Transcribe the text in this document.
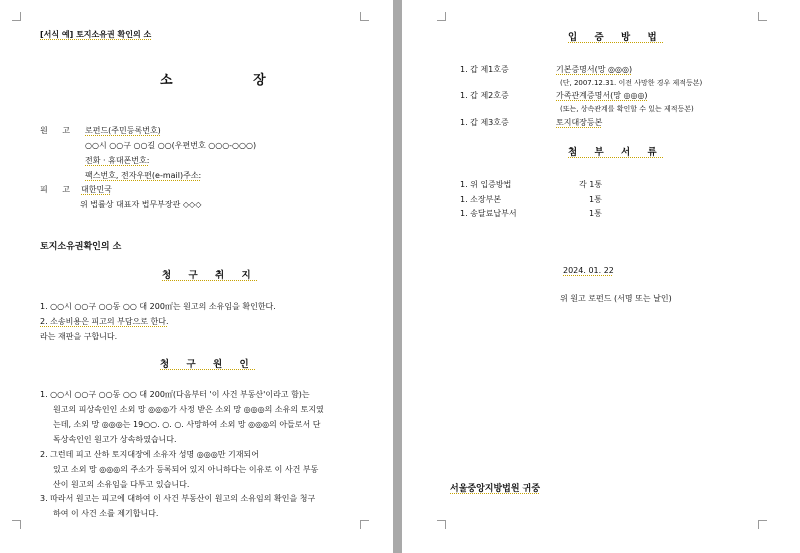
[서식 예] 토지소유권 확인의 소
소 장
원 고 로펀드(주민등록번호)
○○시 ○○구 ○○길 ○○(우편번호 ○○○-○○○)
전화 · 휴대폰번호:
팩스번호, 전자우편(e-mail)주소:
피 고 대한민국
위 법률상 대표자 법무부장관 ◇◇◇
토지소유권확인의 소
청 구 취 지
1. ○○시 ○○구 ○○동 ○○ 대 200㎡는 원고의 소유임을 확인한다.
2. 소송비용은 피고의 부담으로 한다.
라는 재판을 구합니다.
청 구 원 인
1. ○○시 ○○구 ○○동 ○○ 대 200㎡(다음부터 '이 사건 부동산'이라고 함)는
원고의 피상속인인 소외 망 ◎◎◎가 사정 받은 소외 망 ◎◎◎의 소유의 토지였
는데, 소외 망 ◎◎◎는 19○○. ○. ○. 사망하여 소외 망 ◎◎◎의 아들로서 단
독상속인인 원고가 상속하였습니다.
2. 그런데 피고 산하 토지대장에 소유자 성명 ◎◎◎만 기재되어
있고 소외 망 ◎◎◎의 주소가 등록되어 있지 아니하다는 이유로 이 사건 부동
산이 원고의 소유임을 다투고 있습니다.
3. 따라서 원고는 피고에 대하여 이 사건 부동산이 원고의 소유임의 확인을 청구
하여 이 사건 소를 제기합니다.
입 증 방 법
1. 갑 제1호증	기본증명서(망 ◎◎◎)
(단, 2007.12.31. 이전 사망한 경우 제적등본)
1. 갑 제2호증	가족관계증명서(망 ◎◎◎)
(또는, 상속관계를 확인할 수 있는 제적등본)
1. 갑 제3호증	토지대장등본
첨 부 서 류
1. 위 입증방법	각 1통
1. 소장부본	1통
1. 송달료납부서	1통
2024. 01. 22
위 원고 로펀드 (서명 또는 날인)
서울중앙지방법원 귀중
